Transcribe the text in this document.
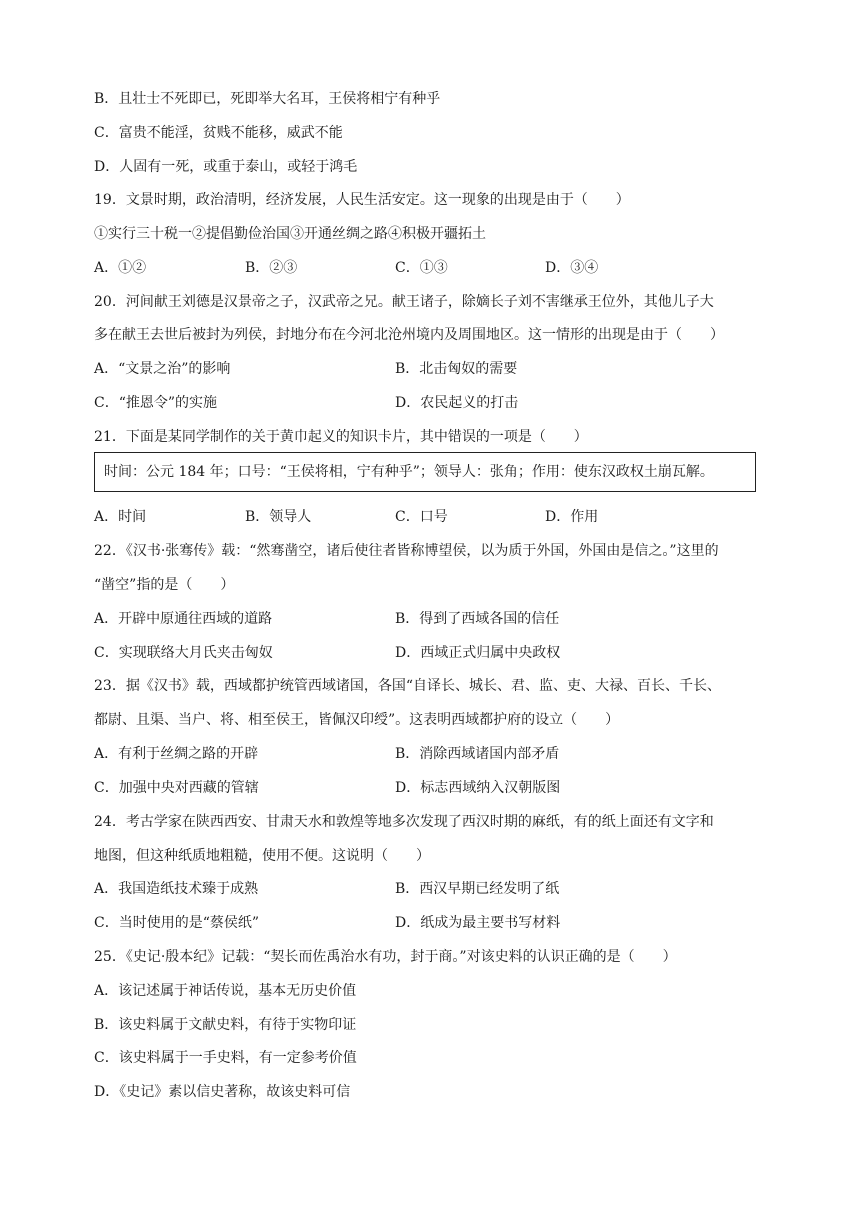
B．且壮士不死即已，死即举大名耳，王侯将相宁有种乎
C．富贵不能淫，贫贱不能移，威武不能
D．人固有一死，或重于泰山，或轻于鸿毛
19．文景时期，政治清明，经济发展，人民生活安定。这一现象的出现是由于（　　）
①实行三十税一②提倡勤俭治国③开通丝绸之路④积极开疆拓土
A．①②	B．②③	C．①③	D．③④
20．河间献王刘德是汉景帝之子，汉武帝之兄。献王诸子，除嫡长子刘不害继承王位外，其他儿子大
多在献王去世后被封为列侯，封地分布在今河北沧州境内及周围地区。这一情形的出现是由于（　　）
A．“文景之治”的影响	B．北击匈奴的需要
C．“推恩令”的实施	D．农民起义的打击
21．下面是某同学制作的关于黄巾起义的知识卡片，其中错误的一项是（　　）
时间：公元 184 年；口号：“王侯将相，宁有种乎”；领导人：张角；作用：使东汉政权土崩瓦解。
A．时间	B．领导人	C．口号	D．作用
22．《汉书·张骞传》载：“然骞凿空，诸后使往者皆称博望侯，以为质于外国，外国由是信之。”这里的
“凿空”指的是（　　）
A．开辟中原通往西域的道路	B．得到了西域各国的信任
C．实现联络大月氏夹击匈奴	D．西域正式归属中央政权
23．据《汉书》载，西域都护统管西域诸国，各国“自译长、城长、君、监、吏、大禄、百长、千长、
都尉、且渠、当户、将、相至侯王，皆佩汉印绶”。这表明西域都护府的设立（　　）
A．有利于丝绸之路的开辟	B．消除西域诸国内部矛盾
C．加强中央对西藏的管辖	D．标志西域纳入汉朝版图
24．考古学家在陕西西安、甘肃天水和敦煌等地多次发现了西汉时期的麻纸，有的纸上面还有文字和
地图，但这种纸质地粗糙，使用不便。这说明（　　）
A．我国造纸技术臻于成熟	B．西汉早期已经发明了纸
C．当时使用的是“蔡侯纸”	D．纸成为最主要书写材料
25．《史记·殷本纪》记载：“契长而佐禹治水有功，封于商。”对该史料的认识正确的是（　　）
A．该记述属于神话传说，基本无历史价值
B．该史料属于文献史料，有待于实物印证
C．该史料属于一手史料，有一定参考价值
D．《史记》素以信史著称，故该史料可信
